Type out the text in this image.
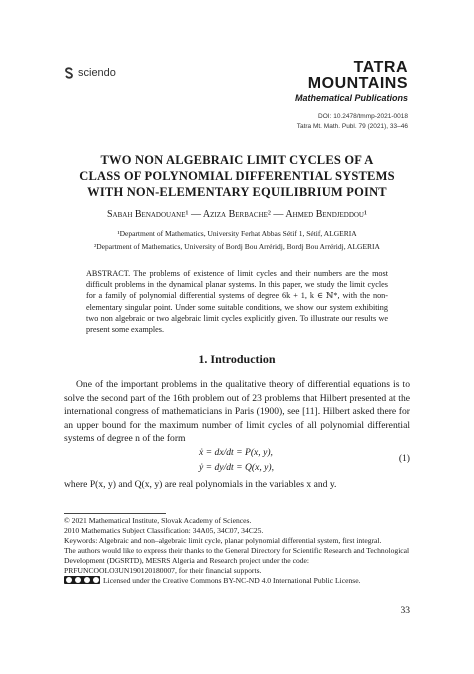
sciendo	TATRA
MOUNTAINS
Mathematical Publications
DOI: 10.2478/tmmp-2021-0018
Tatra Mt. Math. Publ. 79 (2021), 33–46
TWO NON ALGEBRAIC LIMIT CYCLES OF A
CLASS OF POLYNOMIAL DIFFERENTIAL SYSTEMS
WITH NON-ELEMENTARY EQUILIBRIUM POINT
Sabah Benadouane¹ — Aziza Berbache² — Ahmed Bendjeddou¹
¹Department of Mathematics, University Ferhat Abbas Sétif 1, Sétif, ALGERIA
²Department of Mathematics, University of Bordj Bou Arréridj, Bordj Bou Arréridj, ALGERIA
ABSTRACT. The problems of existence of limit cycles and their numbers are the most difficult problems in the dynamical planar systems. In this paper, we study the limit cycles for a family of polynomial differential systems of degree 6k + 1, k ∈ ℕ*, with the non-elementary singular point. Under some suitable conditions, we show our system exhibiting two non algebraic or two algebraic limit cycles explicitly given. To illustrate our results we present some examples.
1. Introduction
One of the important problems in the qualitative theory of differential equations is to solve the second part of the 16th problem out of 23 problems that Hilbert presented at the international congress of mathematicians in Paris (1900), see [11]. Hilbert asked there for an upper bound for the maximum number of limit cycles of all polynomial differential systems of degree n of the form
ẋ = dx/dt = P(x, y),
ẏ = dy/dt = Q(x, y),
(1)
where P(x, y) and Q(x, y) are real polynomials in the variables x and y.
© 2021 Mathematical Institute, Slovak Academy of Sciences.
2010 Mathematics Subject Classification: 34A05, 34C07, 34C25.
Keywords: Algebraic and non–algebraic limit cycle, planar polynomial differential system, first integral.
The authors would like to express their thanks to the General Directory for Scientific Research and Technological Development (DGSRTD), MESRS Algeria and Research project under the code: PRFUNCOOLO3UN190120180007, for their financial supports.
Licensed under the Creative Commons BY-NC-ND 4.0 International Public License.
33
